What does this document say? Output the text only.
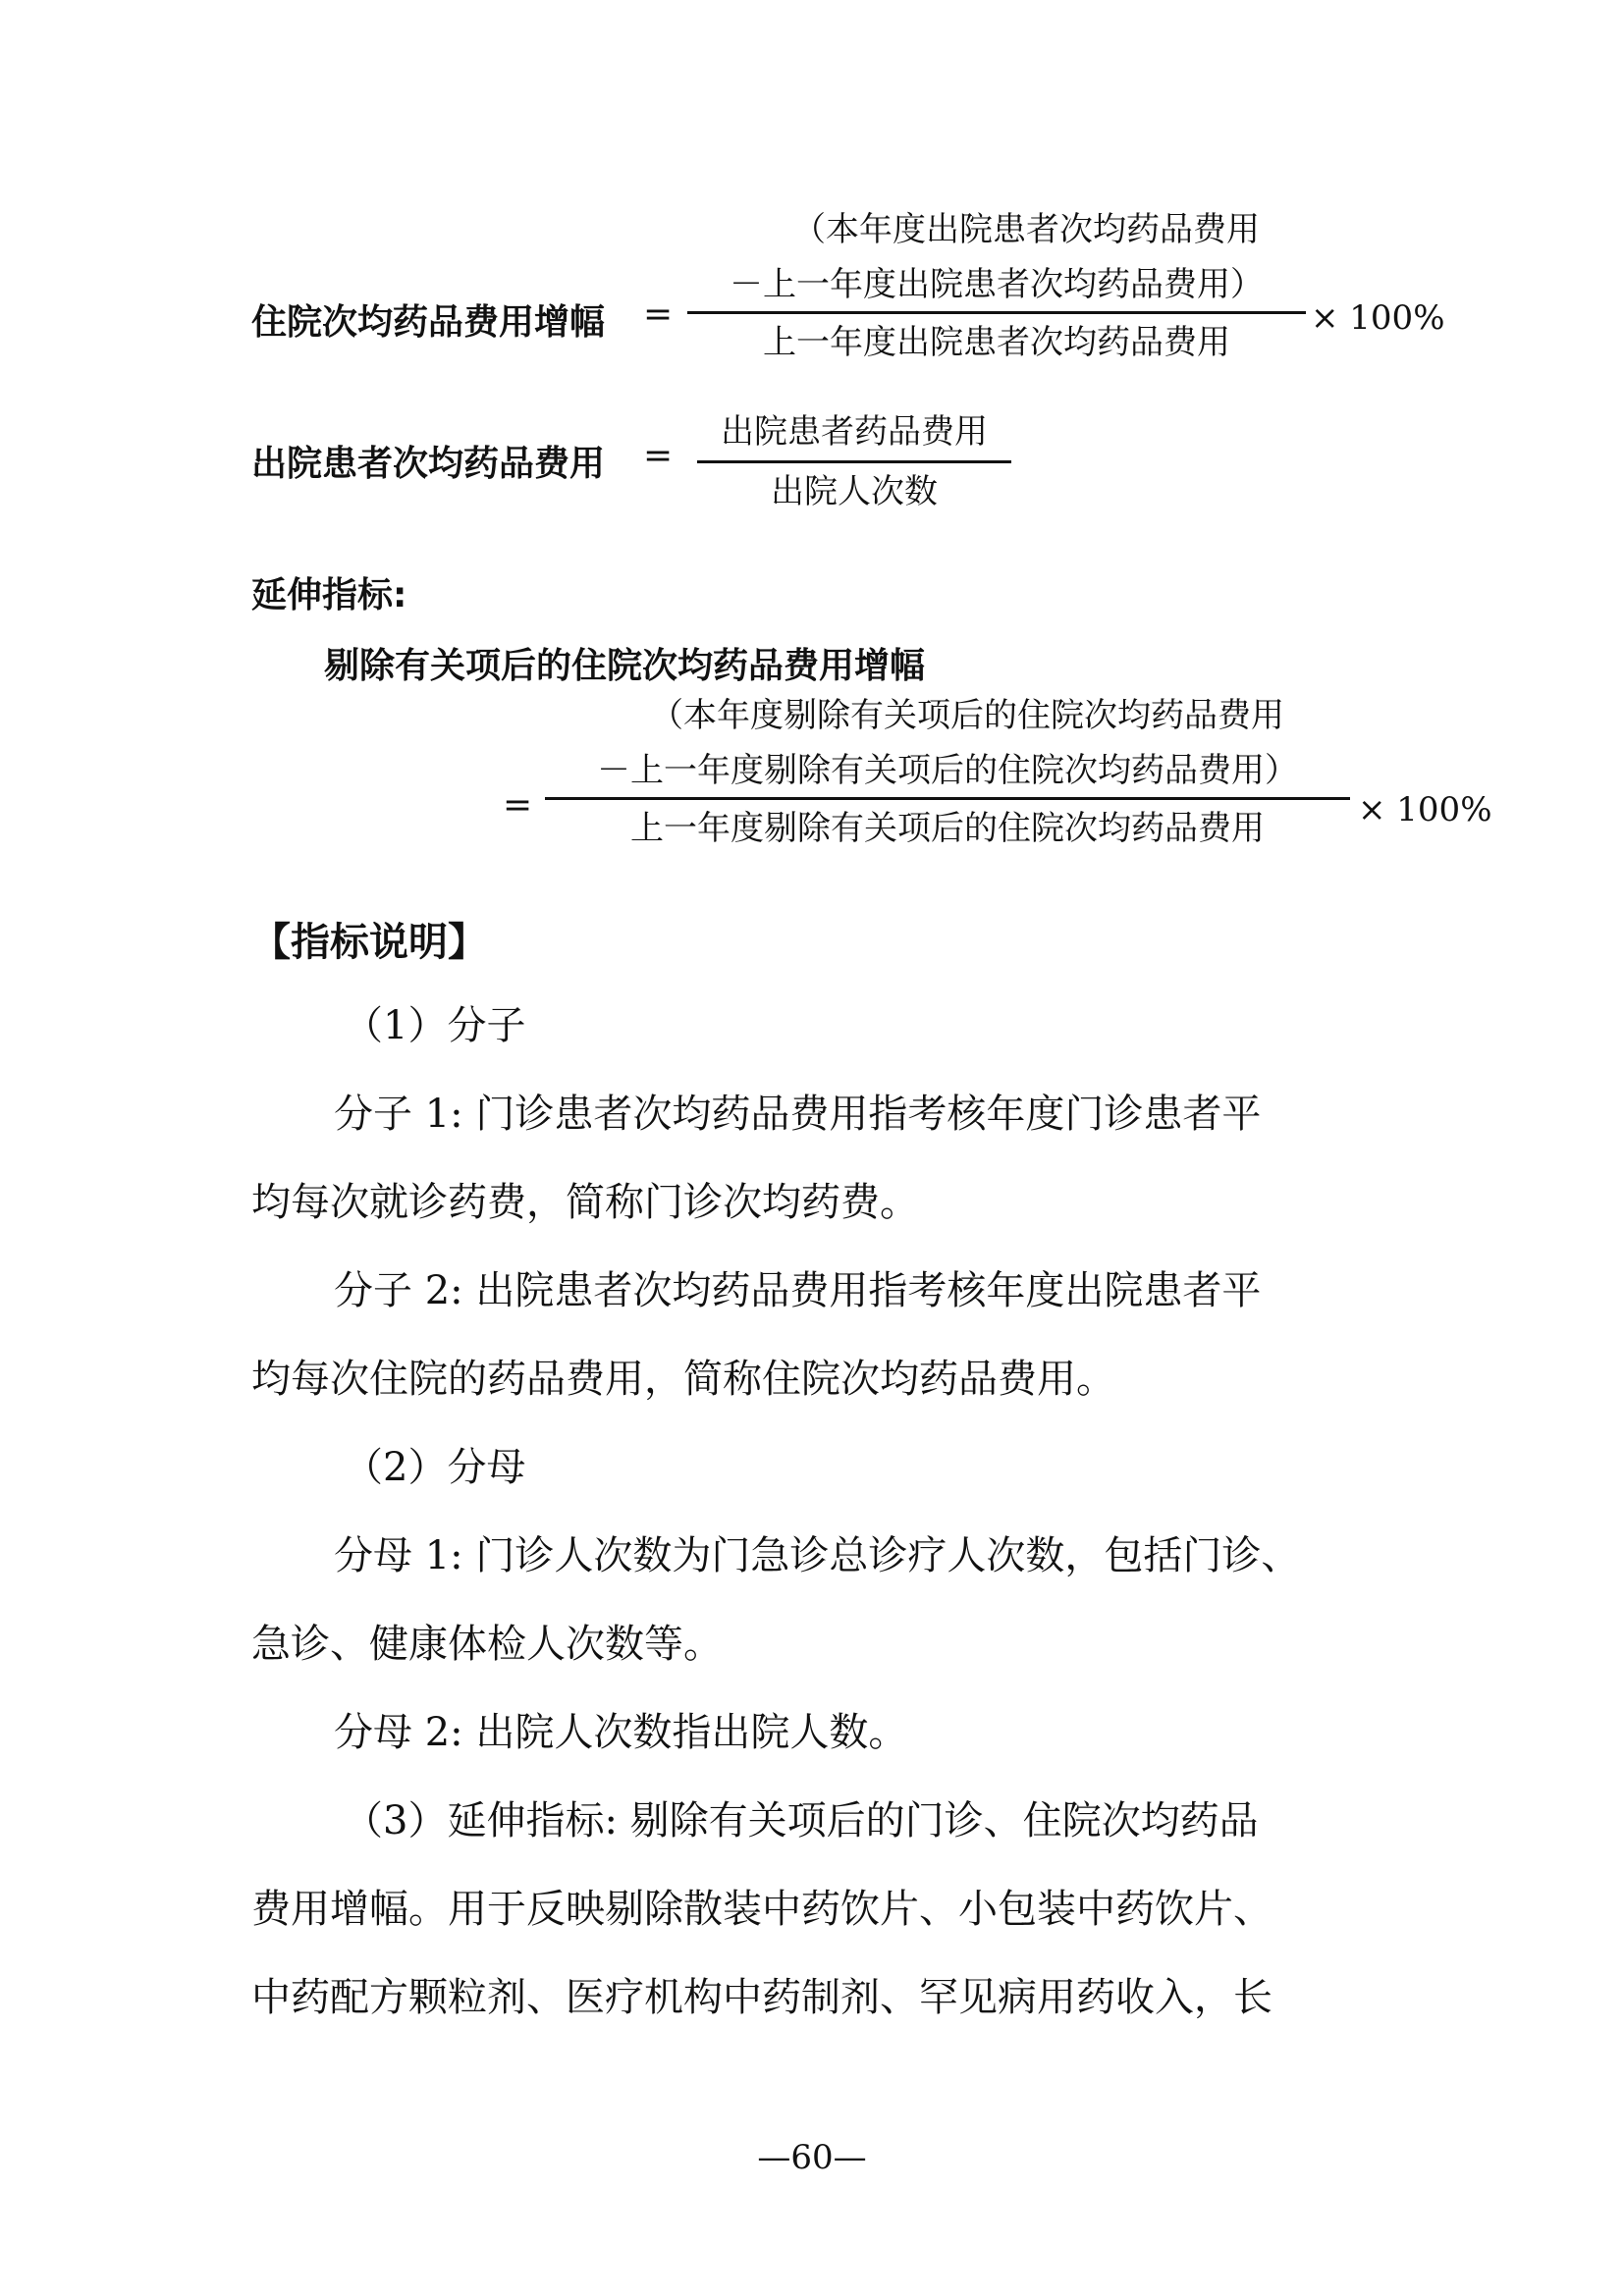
住院次均药品费用增幅 =
（本年度出院患者次均药品费用
－上一年度出院患者次均药品费用）
上一年度出院患者次均药品费用
× 100%
出院患者次均药品费用 =
出院患者药品费用
出院人次数
延伸指标:
剔除有关项后的住院次均药品费用增幅
=
（本年度剔除有关项后的住院次均药品费用
－上一年度剔除有关项后的住院次均药品费用）
上一年度剔除有关项后的住院次均药品费用	× 100%
【指标说明】
（1）分子
分子 1: 门诊患者次均药品费用指考核年度门诊患者平
均每次就诊药费，简称门诊次均药费。
分子 2: 出院患者次均药品费用指考核年度出院患者平
均每次住院的药品费用，简称住院次均药品费用。
（2）分母
分母 1: 门诊人次数为门急诊总诊疗人次数，包括门诊、
急诊、健康体检人次数等。
分母 2: 出院人次数指出院人数。
（3）延伸指标: 剔除有关项后的门诊、住院次均药品
费用增幅。用于反映剔除散装中药饮片、小包装中药饮片、
中药配方颗粒剂、医疗机构中药制剂、罕见病用药收入，长
—60—
